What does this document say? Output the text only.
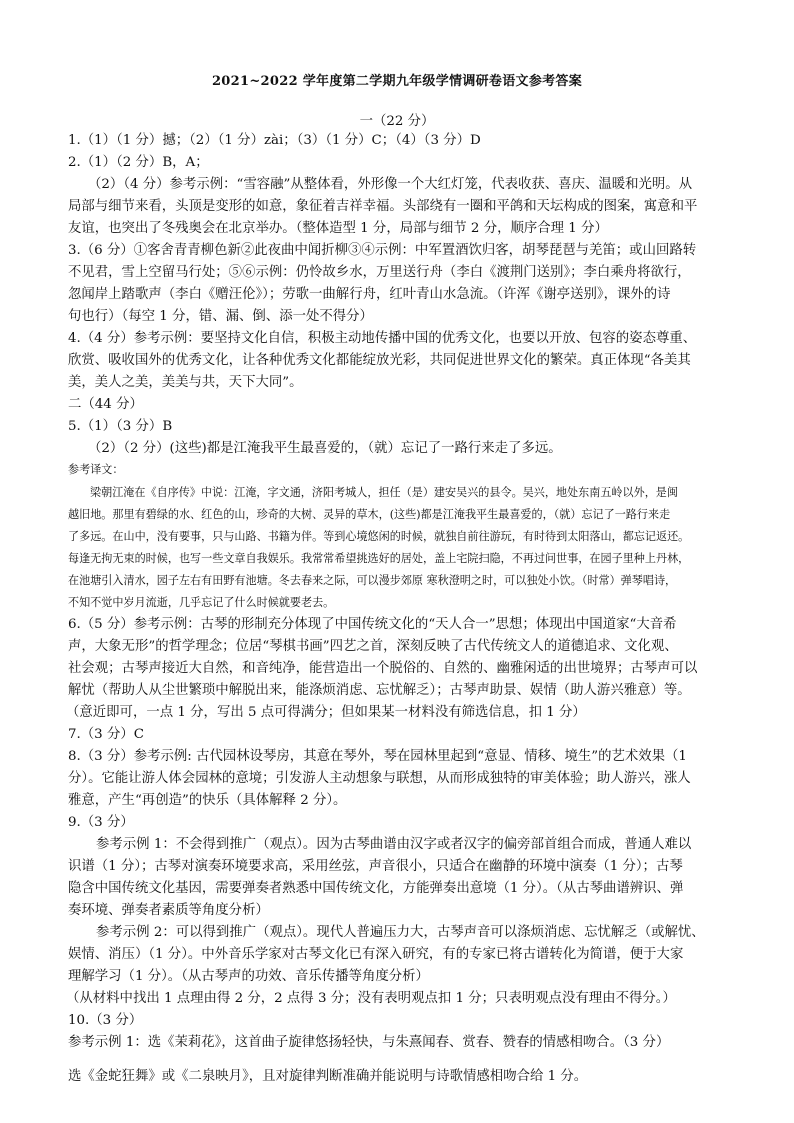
2021~2022 学年度第二学期九年级学情调研卷语文参考答案
一（22 分）
1.（1）（1 分）撼；（2）（1 分）zài；（3）（1 分）C；（4）（3 分）D
2.（1）（2 分）B，A；
（2）（4 分）参考示例：“雪容融”从整体看，外形像一个大红灯笼，代表收获、喜庆、温暖和光明。从
局部与细节来看，头顶是变形的如意，象征着吉祥幸福。头部绕有一圈和平鸽和天坛构成的图案，寓意和平
友谊，也突出了冬残奥会在北京举办。（整体造型 1 分，局部与细节 2 分，顺序合理 1 分）
3.（6 分）①客舍青青柳色新②此夜曲中闻折柳③④示例：中军置酒饮归客，胡琴琵琶与羌笛；或山回路转
不见君，雪上空留马行处；⑤⑥示例：仍怜故乡水，万里送行舟（李白《渡荆门送别》；李白乘舟将欲行，
忽闻岸上踏歌声（李白《赠汪伦》）；劳歌一曲解行舟，红叶青山水急流。（许浑《谢亭送别》，课外的诗
句也行）（每空 1 分，错、漏、倒、添一处不得分）
4.（4 分）参考示例：要坚持文化自信，积极主动地传播中国的优秀文化，也要以开放、包容的姿态尊重、
欣赏、吸收国外的优秀文化，让各种优秀文化都能绽放光彩，共同促进世界文化的繁荣。真正体现“各美其
美，美人之美，美美与共，天下大同”。
二（44 分）
5.（1）（3 分）B
（2）（2 分）(这些)都是江淹我平生最喜爱的，（就）忘记了一路行来走了多远。
参考译文：
梁朝江淹在《自序传》中说：江淹，字文通，济阳考城人，担任（是）建安吴兴的县令。吴兴，地处东南五岭以外，是闽
越旧地。那里有碧绿的水、红色的山，珍奇的大树、灵异的草木，(这些)都是江淹我平生最喜爱的，（就）忘记了一路行来走
了多远。在山中，没有要事，只与山路、书籍为伴。等到心境悠闲的时候，就独自前往游玩，有时待到太阳落山，都忘记返还。
每逢无拘无束的时候，也写一些文章自我娱乐。我常常希望挑选好的居处，盖上宅院扫隐，不再过问世事，在园子里种上丹林，
在池塘引入清水，园子左右有田野有池塘。冬去春来之际，可以漫步郊原 寒秋澄明之时，可以独处小饮。（时常）弹琴唱诗，
不知不觉中岁月流逝，几乎忘记了什么时候就要老去。
6.（5 分）参考示例：古琴的形制充分体现了中国传统文化的“天人合一”思想；体现出中国道家“大音希
声，大象无形”的哲学理念；位居“琴棋书画”四艺之首，深刻反映了古代传统文人的道德追求、文化观、
社会观；古琴声接近大自然，和音纯净，能营造出一个脱俗的、自然的、幽雅闲适的出世境界；古琴声可以
解忧（帮助人从尘世繁琐中解脱出来，能涤烦消虑、忘忧解乏）；古琴声助景、娱情（助人游兴雅意）等。
（意近即可，一点 1 分，写出 5 点可得满分；但如果某一材料没有筛选信息，扣 1 分）
7.（3 分）C
8.（3 分）参考示例: 古代园林设琴房，其意在琴外，琴在园林里起到“意显、情移、境生”的艺术效果（1
分）。它能让游人体会园林的意境；引发游人主动想象与联想，从而形成独特的审美体验；助人游兴，涨人
雅意，产生“再创造”的快乐（具体解释 2 分）。
9.（3 分）
参考示例 1：不会得到推广（观点）。因为古琴曲谱由汉字或者汉字的偏旁部首组合而成，普通人难以
识谱（1 分）；古琴对演奏环境要求高，采用丝弦，声音很小，只适合在幽静的环境中演奏（1 分）；古琴
隐含中国传统文化基因，需要弹奏者熟悉中国传统文化，方能弹奏出意境（1 分）。（从古琴曲谱辨识、弹
奏环境、弹奏者素质等角度分析）
参考示例 2：可以得到推广（观点）。现代人普遍压力大，古琴声音可以涤烦消虑、忘忧解乏（或解忧、
娱情、消压）（1 分）。中外音乐学家对古琴文化已有深入研究，有的专家已将古谱转化为简谱，便于大家
理解学习（1 分）。（从古琴声的功效、音乐传播等角度分析）
（从材料中找出 1 点理由得 2 分，2 点得 3 分；没有表明观点扣 1 分；只表明观点没有理由不得分。）
10.（3 分）
参考示例 1：选《茉莉花》，这首曲子旋律悠扬轻快，与朱熹闻春、赏春、赞春的情感相吻合。（3 分）
选《金蛇狂舞》或《二泉映月》，且对旋律判断准确并能说明与诗歌情感相吻合给 1 分。
